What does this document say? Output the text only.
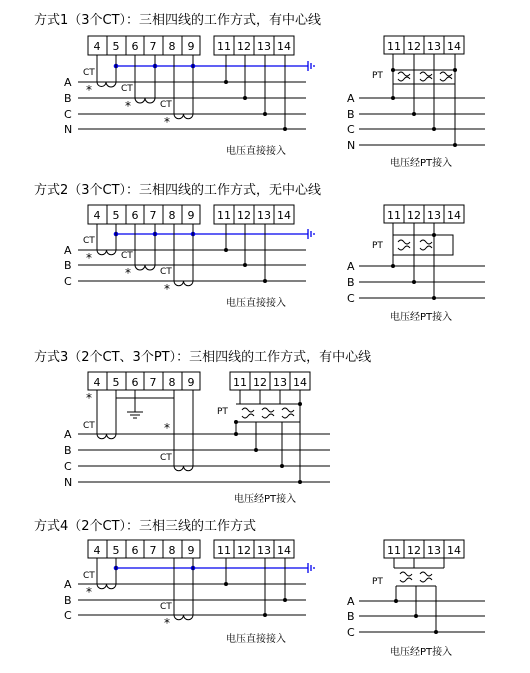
方式1（3个CT）：三相四线的工作方式，有中心线
4 5 6 7 8 9 11 12 13 14
A
B
C
N
CT
*	CT
*	CT
*
电压直接接入
11 12 13 14
PT
A
B
C
N
电压经PT接入
方式2（3个CT）：三相四线的工作方式，无中心线
4 5 6 7 8 9 11 12 13 14
A
B
C
CT
*	CT
*	CT
*
电压直接接入
11 12 13 14
PT
A
B
C
电压经PT接入
方式3（2个CT、3个PT）：三相四线的工作方式，有中心线
4 5 6 7 8 9	11 12 13 14
CT
*
CT
*
A
B
C
N
PT
电压经PT接入
方式4（2个CT）：三相三线的工作方式
4 5 6 7 8 9 11 12 13 14
A
B
C
CT
*
CT
*
电压直接接入
11 12 13 14
PT
A
B
C
电压经PT接入
